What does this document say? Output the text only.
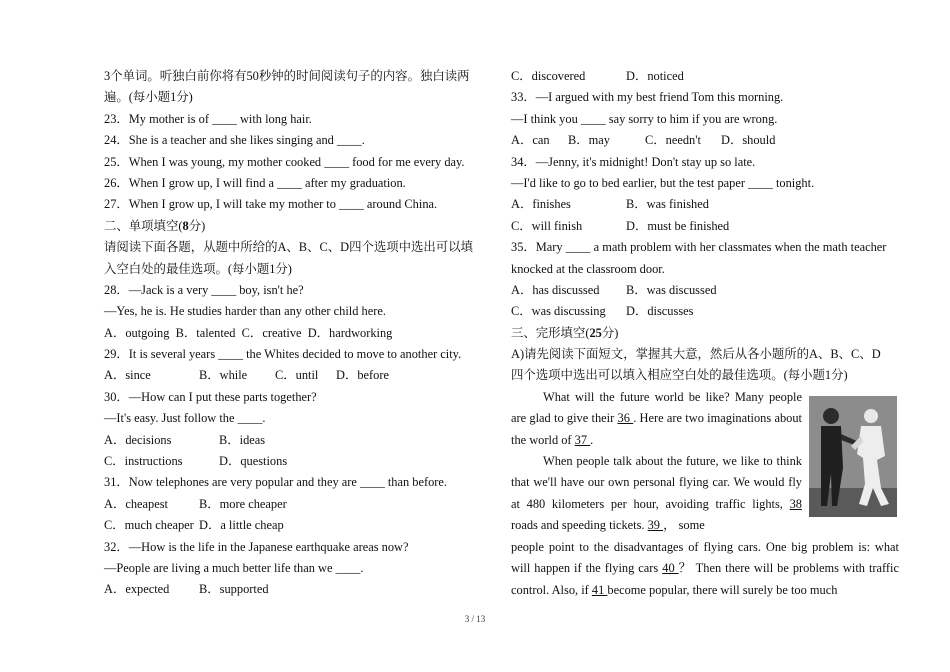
3个单词。听独白前你将有50秒钟的时间阅读句子的内容。独白读两
遍。(每小题1分)
23．My mother is of ____ with long hair.
24．She is a teacher and she likes singing and ____.
25．When I was young, my mother cooked ____ food for me every day.
26．When I grow up, I will find a ____ after my graduation.
27．When I grow up, I will take my mother to ____ around China.
二、单项填空(8分)
请阅读下面各题，从题中所给的A、B、C、D四个选项中选出可以填
入空白处的最佳选项。(每小题1分)
28．—Jack is a very ____ boy, isn't he?
—Yes, he is. He studies harder than any other child here.
A．outgoing  B．talented  C．creative  D．hardworking
29．It is several years ____ the Whites decided to move to another city.
A．since	B．while C．until D．before
30．—How can I put these parts together?
—It's easy. Just follow the ____.
A．decisions	B．ideas
C．instructions	D．questions
31．Now telephones are very popular and they are ____ than before.
A．cheapest	B．more cheaper
C．much cheaper D．a little cheap
32．—How is the life in the Japanese earthquake areas now?
—People are living a much better life than we ____.
A．expected B．supported
C．discovered	D．noticed
33．—I argued with my best friend Tom this morning.
—I think you ____ say sorry to him if you are wrong.
A．can B．may	C．needn't D．should
34．—Jenny, it's midnight! Don't stay up so late.
—I'd like to go to bed earlier, but the test paper ____ tonight.
A．finishes	B．was finished
C．will finish	D．must be finished
35．Mary ____ a math problem with her classmates when the math teacher
knocked at the classroom door.
A．has discussed B．was discussed
C．was discussing D．discusses
三、完形填空(25分)
A)请先阅读下面短文，掌握其大意，然后从各小题所的A、B、C、D
四个选项中选出可以填入相应空白处的最佳选项。(每小题1分)
What will the future world be like? Many people are glad to give their 36 . Here are two imaginations about the world of 37 .
When people talk about the future, we like to think that we'll have our own personal flying car. We would fly at 480 kilometers per hour, avoiding traffic lights, 38 roads and speeding tickets. 39 ， some
people point to the disadvantages of flying cars. One big problem is: what will happen if the flying cars 40 ？ Then there will be problems with traffic control. Also, if 41 become popular, there will surely be too much
3 / 13
